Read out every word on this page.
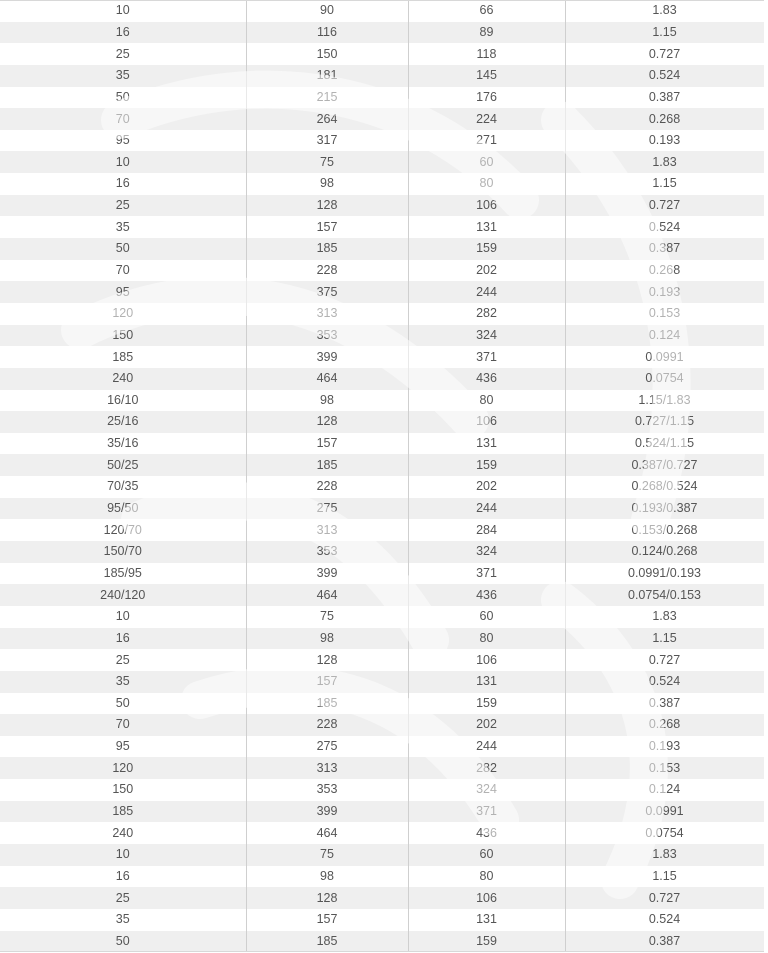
10	90	66	1.83
16	116	89	1.15
25	150	118	0.727
35	181	145	0.524
50	215	176	0.387
70	264	224	0.268
95	317	271	0.193
10	75	60	1.83
16	98	80	1.15
25	128	106	0.727
35	157	131	0.524
50	185	159	0.387
70	228	202	0.268
95	375	244	0.193
120	313	282	0.153
150	353	324	0.124
185	399	371	0.0991
240	464	436	0.0754
16/10	98	80	1.15/1.83
25/16	128	106	0.727/1.15
35/16	157	131	0.524/1.15
50/25	185	159	0.387/0.727
70/35	228	202	0.268/0.524
95/50	275	244	0.193/0.387
120/70	313	284	0.153/0.268
150/70	353	324	0.124/0.268
185/95	399	371	0.0991/0.193
240/120	464	436	0.0754/0.153
10	75	60	1.83
16	98	80	1.15
25	128	106	0.727
35	157	131	0.524
50	185	159	0.387
70	228	202	0.268
95	275	244	0.193
120	313	282	0.153
150	353	324	0.124
185	399	371	0.0991
240	464	436	0.0754
10	75	60	1.83
16	98	80	1.15
25	128	106	0.727
35	157	131	0.524
50	185	159	0.387
